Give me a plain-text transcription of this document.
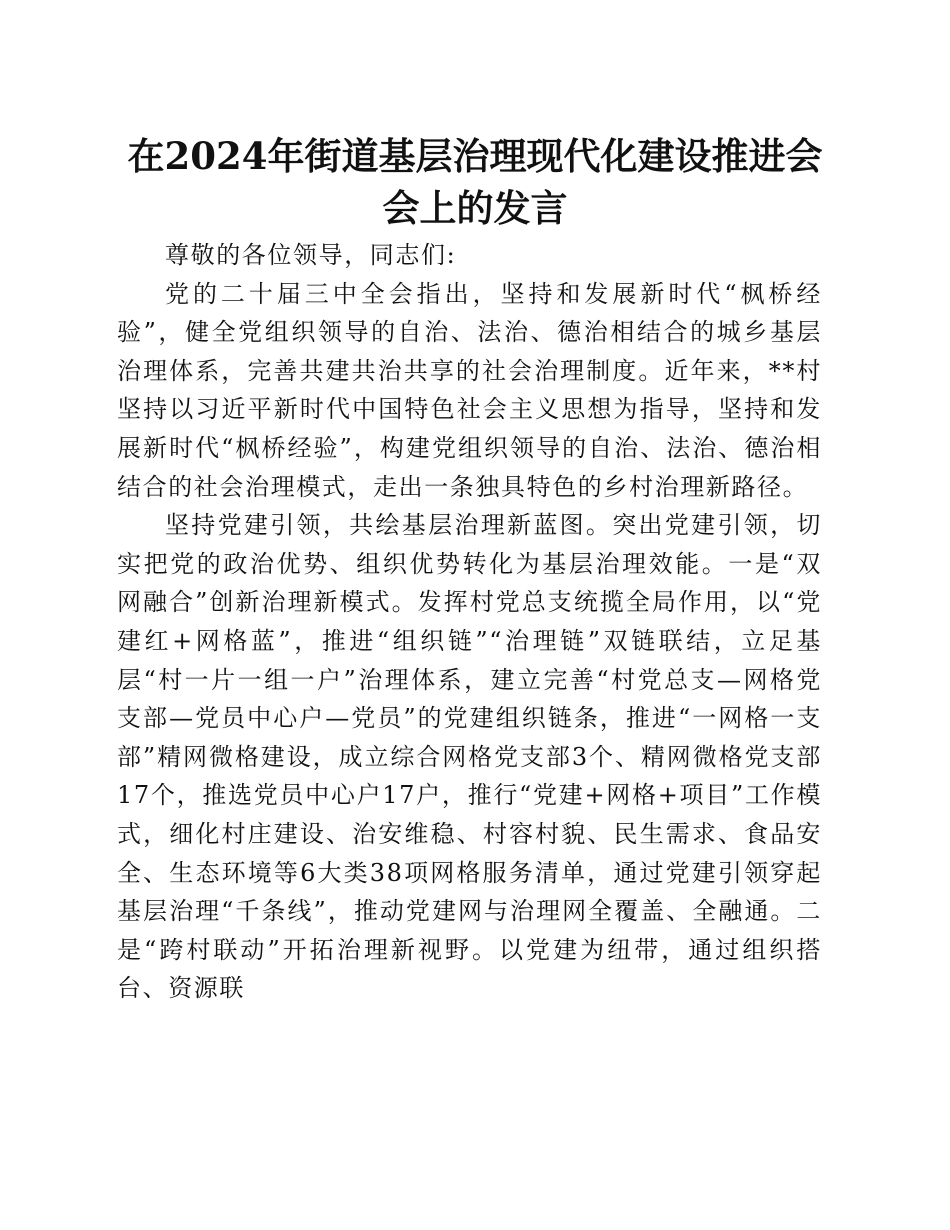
在2024年街道基层治理现代化建设推进会会上的发言

尊敬的各位领导，同志们:

党的二十届三中全会指出，坚持和发展新时代“枫桥经验”，健全党组织领导的自治、法治、德治相结合的城乡基层治理体系，完善共建共治共享的社会治理制度。近年来，**村坚持以习近平新时代中国特色社会主义思想为指导，坚持和发展新时代“枫桥经验”，构建党组织领导的自治、法治、德治相结合的社会治理模式，走出一条独具特色的乡村治理新路径。

坚持党建引领，共绘基层治理新蓝图。突出党建引领，切实把党的政治优势、组织优势转化为基层治理效能。一是“双网融合”创新治理新模式。发挥村党总支统揽全局作用，以“党建红+网格蓝”，推进“组织链”“治理链”双链联结，立足基层“村一片一组一户”治理体系，建立完善“村党总支—网格党支部—党员中心户—党员”的党建组织链条，推进“一网格一支部”精网微格建设，成立综合网格党支部3个、精网微格党支部17个，推选党员中心户17户，推行“党建+网格+项目”工作模式，细化村庄建设、治安维稳、村容村貌、民生需求、食品安全、生态环境等6大类38项网格服务清单，通过党建引领穿起基层治理“千条线”，推动党建网与治理网全覆盖、全融通。二是“跨村联动”开拓治理新视野。以党建为纽带，通过组织搭台、资源联
